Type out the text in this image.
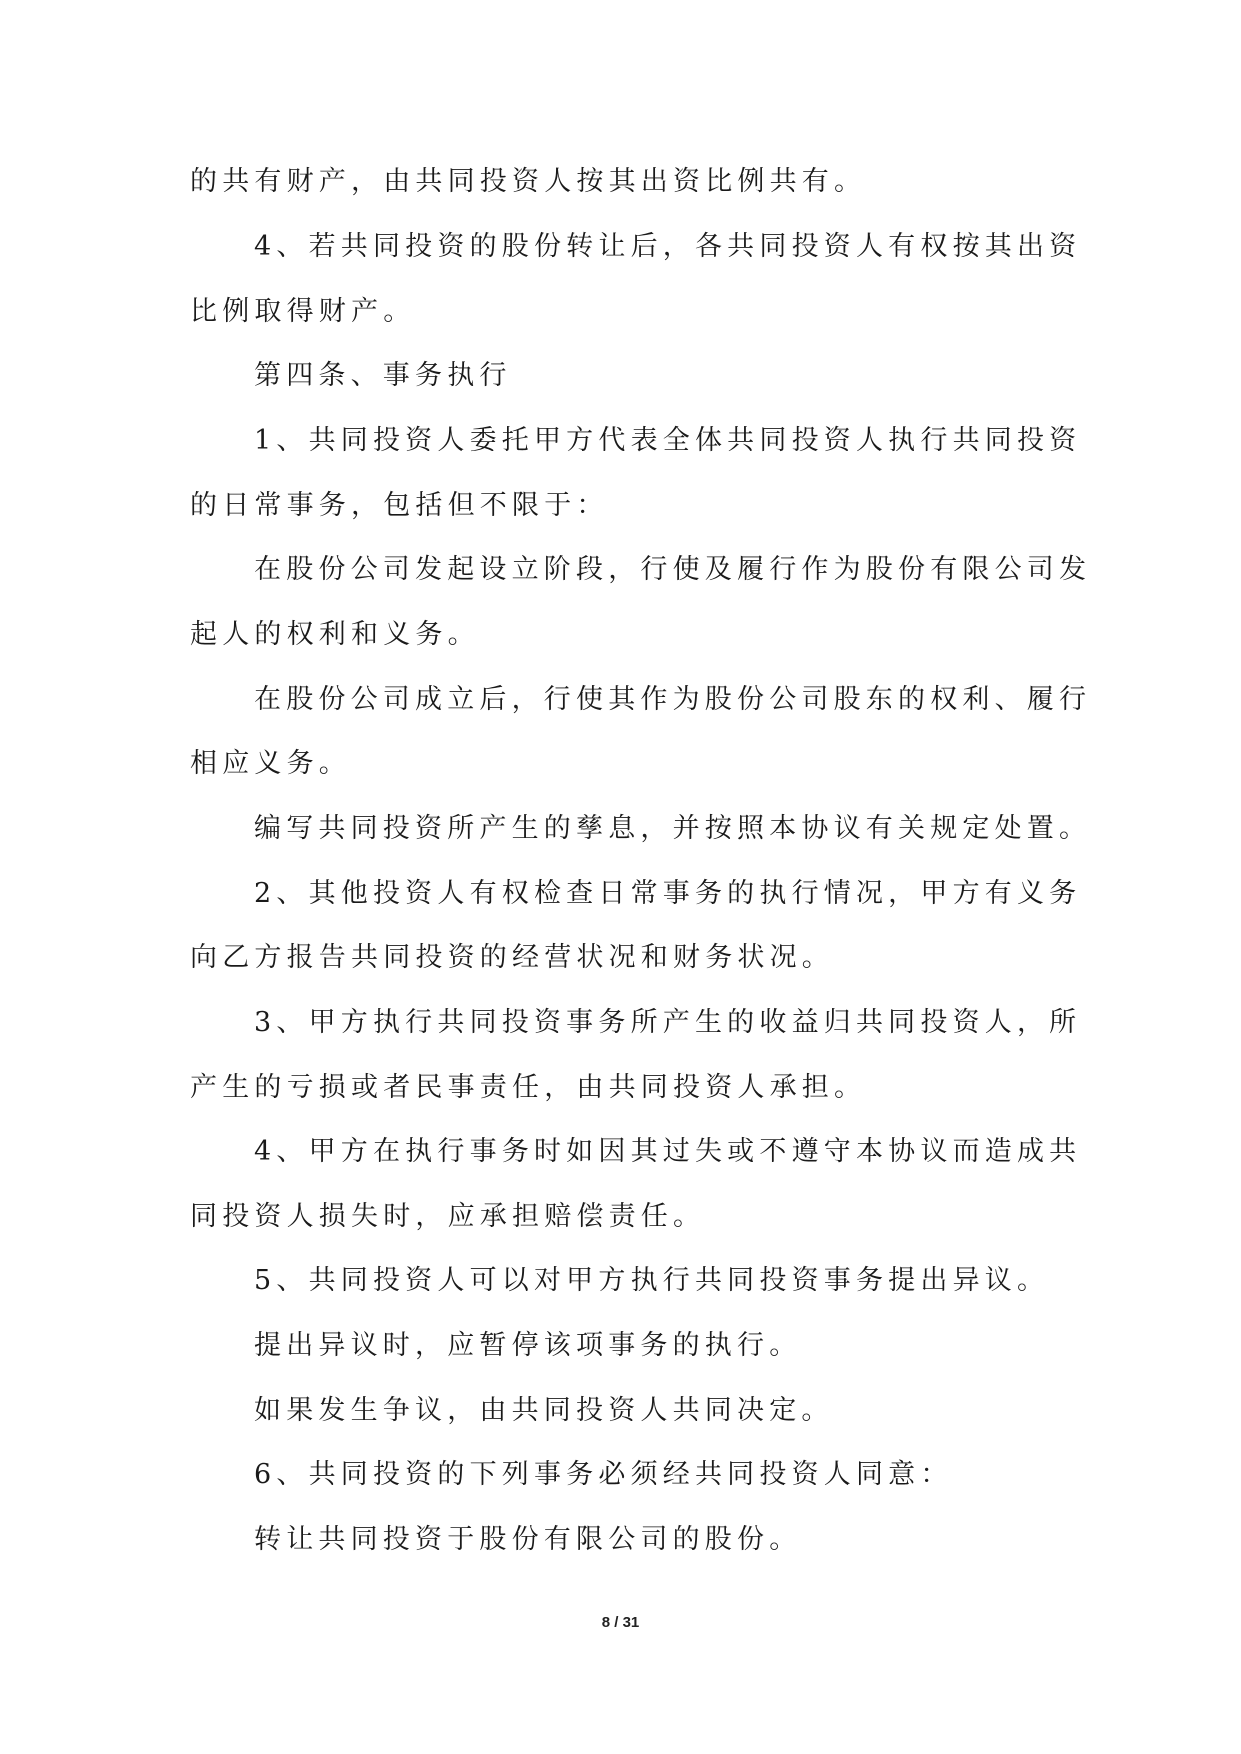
的共有财产，由共同投资人按其出资比例共有。

4、若共同投资的股份转让后，各共同投资人有权按其出资

比例取得财产。

第四条、事务执行

1、共同投资人委托甲方代表全体共同投资人执行共同投资

的日常事务，包括但不限于：

在股份公司发起设立阶段，行使及履行作为股份有限公司发

起人的权利和义务。

在股份公司成立后，行使其作为股份公司股东的权利、履行

相应义务。

编写共同投资所产生的孳息，并按照本协议有关规定处置。

2、其他投资人有权检查日常事务的执行情况，甲方有义务

向乙方报告共同投资的经营状况和财务状况。

3、甲方执行共同投资事务所产生的收益归共同投资人，所

产生的亏损或者民事责任，由共同投资人承担。

4、甲方在执行事务时如因其过失或不遵守本协议而造成共

同投资人损失时，应承担赔偿责任。

5、共同投资人可以对甲方执行共同投资事务提出异议。

提出异议时，应暂停该项事务的执行。

如果发生争议，由共同投资人共同决定。

6、共同投资的下列事务必须经共同投资人同意：

转让共同投资于股份有限公司的股份。

8 / 31
